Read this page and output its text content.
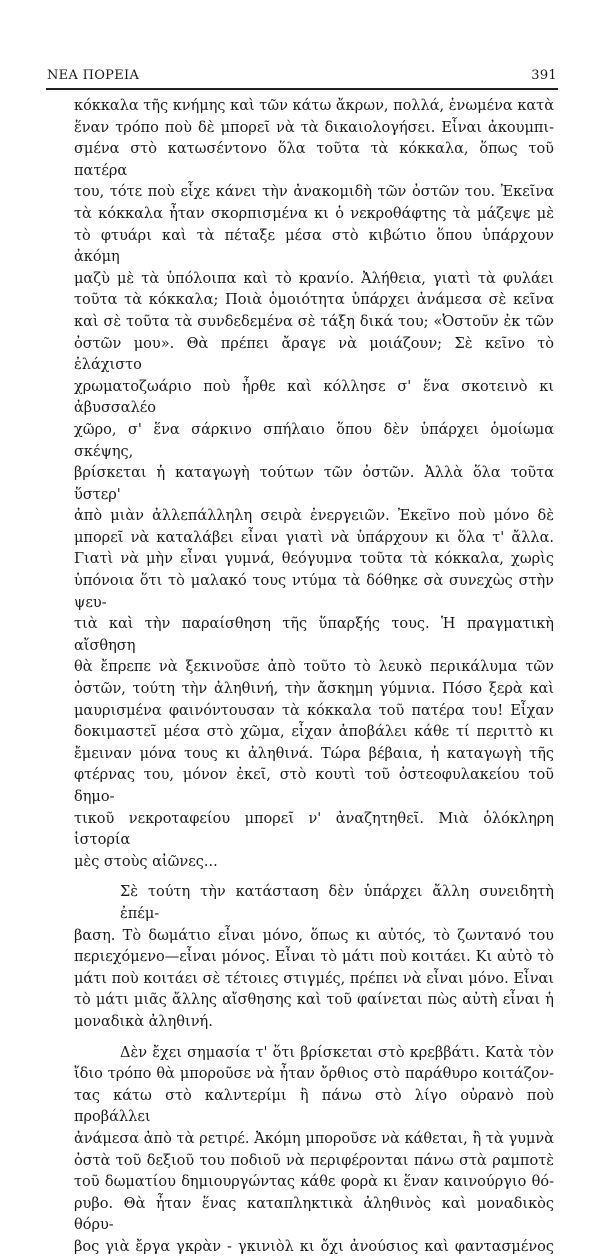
ΝΕΑ ΠΟΡΕΙΑ	391

κόκκαλα τῆς κνήμης καὶ τῶν κάτω ἄκρων, πολλά, ἑνωμένα κατὰ

ἕναν τρόπο ποὺ δὲ μπορεῖ νὰ τὰ δικαιολογήσει. Εἶναι ἀκουμπι-

σμένα στὸ κατωσέντονο ὅλα τοῦτα τὰ κόκκαλα, ὅπως τοῦ πατέρα

του, τότε ποὺ εἶχε κάνει τὴν ἀνακομιδὴ τῶν ὀστῶν του. Ἐκεῖνα

τὰ κόκκαλα ἦταν σκορπισμένα κι ὁ νεκροθάφτης τὰ μάζεψε μὲ

τὸ φτυάρι καὶ τὰ πέταξε μέσα στὸ κιβώτιο ὅπου ὑπάρχουν ἀκόμη

μαζὺ μὲ τὰ ὑπόλοιπα καὶ τὸ κρανίο. Ἀλήθεια, γιατὶ τὰ φυλάει

τοῦτα τὰ κόκκαλα; Ποιὰ ὁμοιότητα ὑπάρχει ἀνάμεσα σὲ κεῖνα

καὶ σὲ τοῦτα τὰ συνδεδεμένα σὲ τάξη δικά του; «Ὀστοῦν ἐκ τῶν

ὀστῶν μου». Θὰ πρέπει ἄραγε νὰ μοιάζουν; Σὲ κεῖνο τὸ ἐλάχιστο

χρωματοζωάριο ποὺ ἦρθε καὶ κόλλησε σ' ἕνα σκοτεινὸ κι ἀβυσσαλέο

χῶρο, σ' ἕνα σάρκινο σπήλαιο ὅπου δὲν ὑπάρχει ὁμοίωμα σκέψης,

βρίσκεται ἡ καταγωγὴ τούτων τῶν ὀστῶν. Ἀλλὰ ὅλα τοῦτα ὕστερ'

ἀπὸ μιὰν ἀλλεπάλληλη σειρὰ ἐνεργειῶν. Ἐκεῖνο ποὺ μόνο δὲ

μπορεῖ νὰ καταλάβει εἶναι γιατὶ νὰ ὑπάρχουν κι ὅλα τ' ἄλλα.

Γιατὶ νὰ μὴν εἶναι γυμνά, θεόγυμνα τοῦτα τὰ κόκκαλα, χωρὶς

ὑπόνοια ὅτι τὸ μαλακό τους ντύμα τὰ δόθηκε σὰ συνεχὼς στὴν ψευ-

τιὰ καὶ τὴν παραίσθηση τῆς ὕπαρξής τους. Ἡ πραγματικὴ αἴσθηση

θὰ ἔπρεπε νὰ ξεκινοῦσε ἀπὸ τοῦτο τὸ λευκὸ περικάλυμα τῶν

ὀστῶν, τούτη τὴν ἀληθινή, τὴν ἄσκημη γύμνια. Πόσο ξερὰ καὶ

μαυρισμένα φαινόντουσαν τὰ κόκκαλα τοῦ πατέρα του! Εἶχαν

δοκιμαστεῖ μέσα στὸ χῶμα, εἶχαν ἀποβάλει κάθε τί περιττὸ κι

ἔμειναν μόνα τους κι ἀληθινά. Τώρα βέβαια, ἡ καταγωγὴ τῆς

φτέρνας του, μόνον ἐκεῖ, στὸ κουτὶ τοῦ ὀστεοφυλακείου τοῦ δημο-

τικοῦ νεκροταφείου μπορεῖ ν' ἀναζητηθεῖ. Μιὰ ὁλόκληρη ἱστορία

μὲς στοὺς αἰῶνες...

Σὲ τούτη τὴν κατάσταση δὲν ὑπάρχει ἄλλη συνειδητὴ ἐπέμ-

βαση. Τὸ δωμάτιο εἶναι μόνο, ὅπως κι αὐτός, τὸ ζωντανό του

περιεχόμενο—εἶναι μόνος. Εἶναι τὸ μάτι ποὺ κοιτάει. Κι αὐτὸ τὸ

μάτι ποὺ κοιτάει σὲ τέτοιες στιγμές, πρέπει νὰ εἶναι μόνο. Εἶναι

τὸ μάτι μιᾶς ἄλλης αἴσθησης καὶ τοῦ φαίνεται πὼς αὐτὴ εἶναι ἡ

μοναδικὰ ἀληθινή.

Δὲν ἔχει σημασία τ' ὅτι βρίσκεται στὸ κρεββάτι. Κατὰ τὸν

ἴδιο τρόπο θὰ μποροῦσε νὰ ἦταν ὄρθιος στὸ παράθυρο κοιτάζον-

τας κάτω στὸ καλντερίμι ἢ πάνω στὸ λίγο οὐρανὸ ποὺ προβάλλει

ἀνάμεσα ἀπὸ τὰ ρετιρέ. Ἀκόμη μποροῦσε νὰ κάθεται, ἢ τὰ γυμνὰ

ὀστὰ τοῦ δεξιοῦ του ποδιοῦ νὰ περιφέρονται πάνω στὰ ραμποτὲ

τοῦ δωματίου δημιουργώντας κάθε φορὰ κι ἕναν καινούργιο θό-

ρυβο. Θὰ ἦταν ἕνας καταπληκτικὰ ἀληθινὸς καὶ μοναδικὸς θόρυ-

βος γιὰ ἔργα γκρὰν - γκινιὸλ κι ὄχι ἀνούσιος καὶ φαντασμένος
